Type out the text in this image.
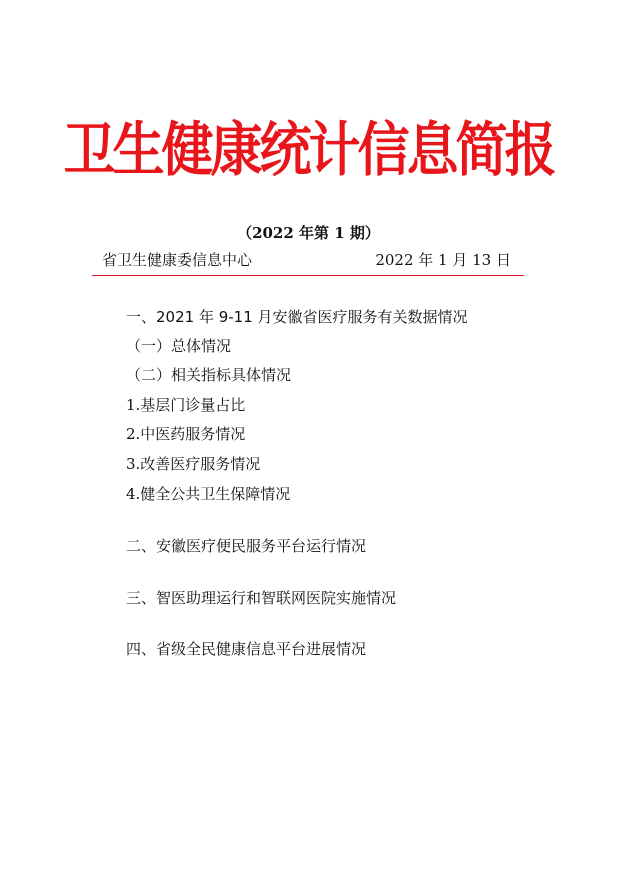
卫生健康统计信息简报
（2022 年第 1 期）
省卫生健康委信息中心	2022 年 1 月 13 日
一、2021 年 9-11 月安徽省医疗服务有关数据情况
（一）总体情况
（二）相关指标具体情况
1.基层门诊量占比
2.中医药服务情况
3.改善医疗服务情况
4.健全公共卫生保障情况
二、安徽医疗便民服务平台运行情况
三、智医助理运行和智联网医院实施情况
四、省级全民健康信息平台进展情况
